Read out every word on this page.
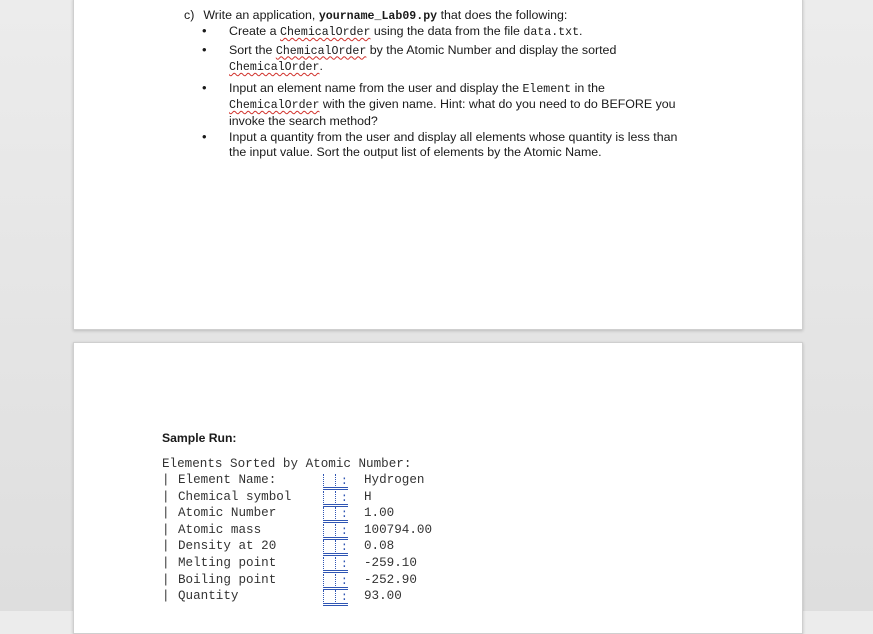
c) Write an application, yourname_Lab09.py that does the following:
• Create a ChemicalOrder using the data from the file data.txt.
• Sort the ChemicalOrder by the Atomic Number and display the sorted ChemicalOrder.
• Input an element name from the user and display the Element in the ChemicalOrder with the given name. Hint: what do you need to do BEFORE you invoke the search method?
• Input a quantity from the user and display all elements whose quantity is less than the input value. Sort the output list of elements by the Atomic Name.
Sample Run:
Elements Sorted by Atomic Number:
| Element Name:	: Hydrogen
| Chemical symbol	: H
| Atomic Number	: 1.00
| Atomic mass	: 100794.00
| Density at 20	: 0.08
| Melting point	: -259.10
| Boiling point	: -252.90
| Quantity	: 93.00
